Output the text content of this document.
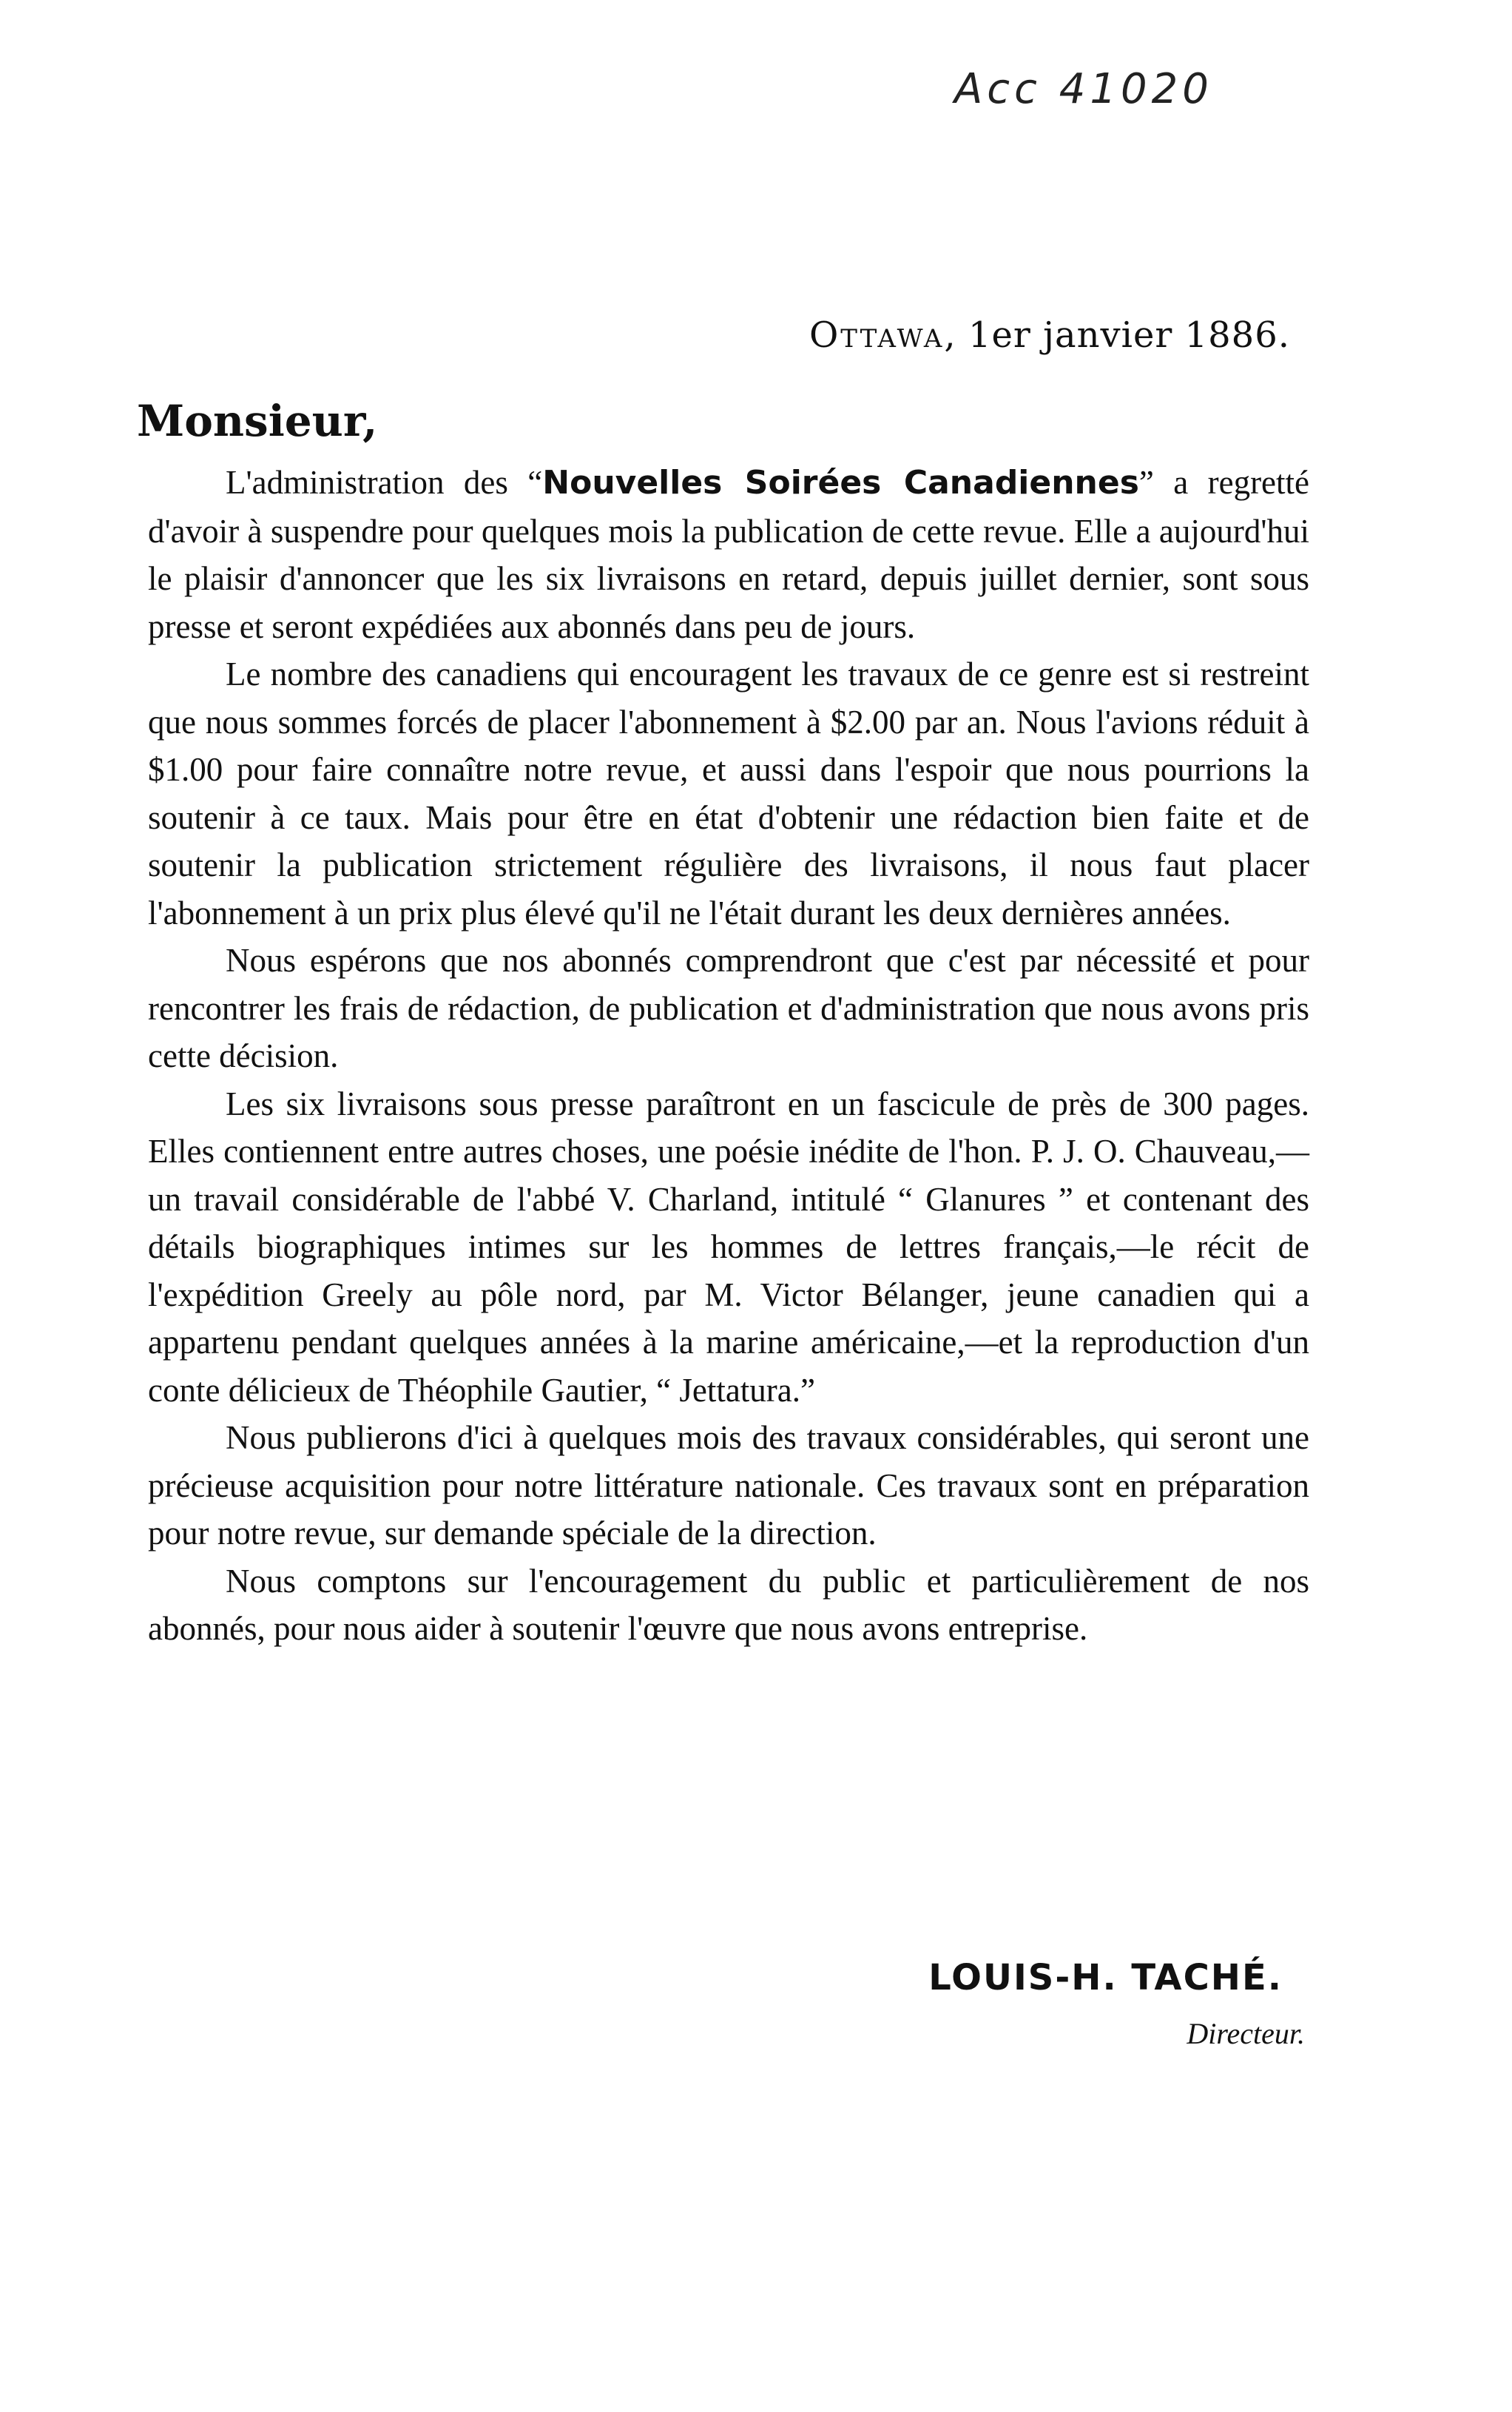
Acc 41020
Ottawa, 1er janvier 1886.
Monsieur,

L'administration des “Nouvelles Soirées Canadiennes” a regretté d'avoir à suspendre pour quelques mois la publication de cette revue. Elle a aujourd'hui le plaisir d'annoncer que les six livraisons en retard, depuis juillet dernier, sont sous presse et seront expédiées aux abonnés dans peu de jours.

Le nombre des canadiens qui encouragent les travaux de ce genre est si restreint que nous sommes forcés de placer l'abonnement à $2.00 par an. Nous l'avions réduit à $1.00 pour faire connaître notre revue, et aussi dans l'espoir que nous pourrions la soutenir à ce taux. Mais pour être en état d'obtenir une rédaction bien faite et de soutenir la publication strictement régulière des livraisons, il nous faut placer l'abonnement à un prix plus élevé qu'il ne l'était durant les deux dernières années.

Nous espérons que nos abonnés comprendront que c'est par nécessité et pour rencontrer les frais de rédaction, de publication et d'administration que nous avons pris cette décision.

Les six livraisons sous presse paraîtront en un fascicule de près de 300 pages. Elles contiennent entre autres choses, une poésie inédite de l'hon. P. J. O. Chauveau,—un travail considérable de l'abbé V. Charland, intitulé “ Glanures ” et contenant des détails biographiques intimes sur les hommes de lettres français,—le récit de l'expédition Greely au pôle nord, par M. Victor Bélanger, jeune canadien qui a appartenu pendant quelques années à la marine américaine,—et la reproduction d'un conte délicieux de Théophile Gautier, “ Jettatura.”

Nous publierons d'ici à quelques mois des travaux considérables, qui seront une précieuse acquisition pour notre littérature nationale. Ces travaux sont en préparation pour notre revue, sur demande spéciale de la direction.

Nous comptons sur l'encouragement du public et particulièrement de nos abonnés, pour nous aider à soutenir l'œuvre que nous avons entreprise.

LOUIS-H. TACHÉ.
Directeur.
